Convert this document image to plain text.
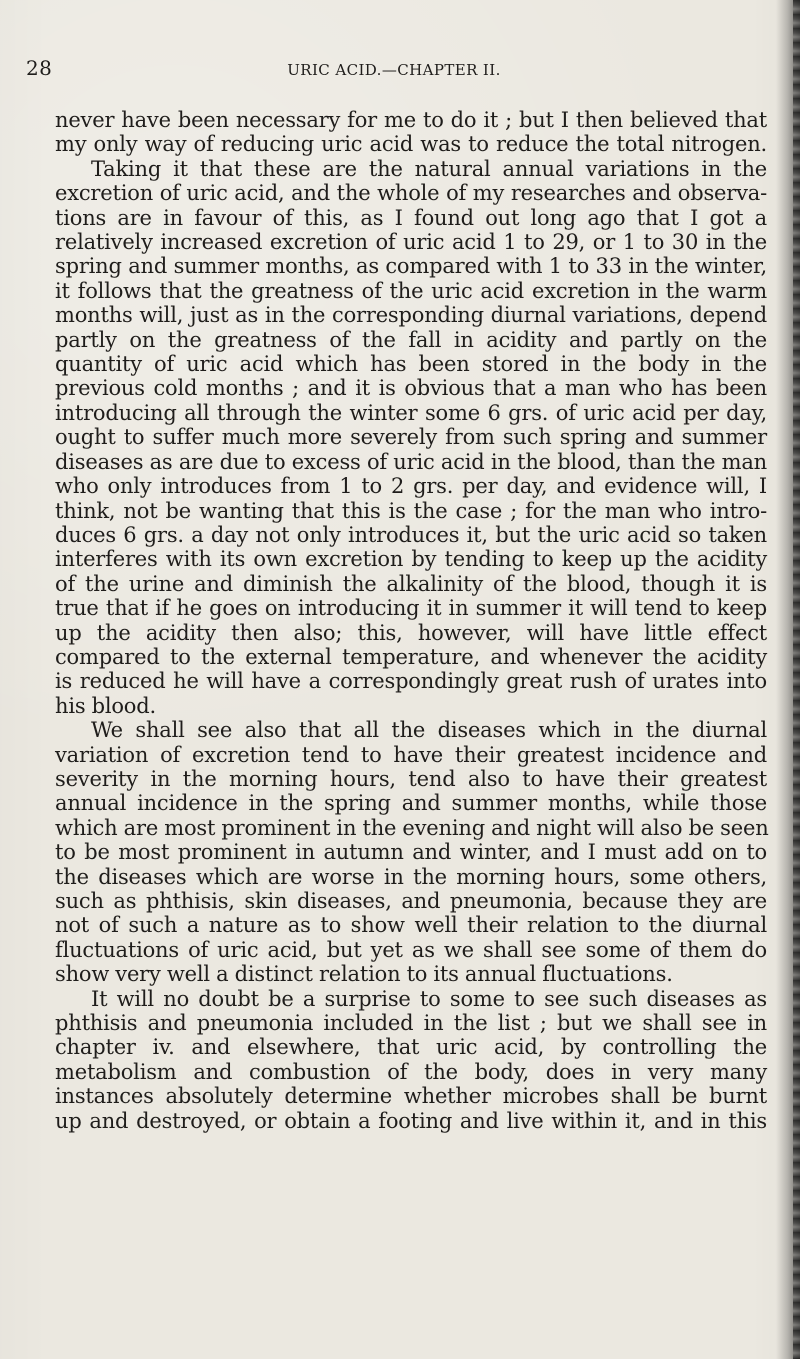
28	URIC ACID.—CHAPTER II.
never have been necessary for me to do it ; but I then believed that
my only way of reducing uric acid was to reduce the total nitrogen.
Taking it that these are the natural annual variations in the
excretion of uric acid, and the whole of my researches and observa-
tions are in favour of this, as I found out long ago that I got a
relatively increased excretion of uric acid 1 to 29, or 1 to 30 in the
spring and summer months, as compared with 1 to 33 in the winter,
it follows that the greatness of the uric acid excretion in the warm
months will, just as in the corresponding diurnal variations, depend
partly on the greatness of the fall in acidity and partly on the
quantity of uric acid which has been stored in the body in the
previous cold months ; and it is obvious that a man who has been
introducing all through the winter some 6 grs. of uric acid per day,
ought to suffer much more severely from such spring and summer
diseases as are due to excess of uric acid in the blood, than the man
who only introduces from 1 to 2 grs. per day, and evidence will, I
think, not be wanting that this is the case ; for the man who intro-
duces 6 grs. a day not only introduces it, but the uric acid so taken
interferes with its own excretion by tending to keep up the acidity
of the urine and diminish the alkalinity of the blood, though it is
true that if he goes on introducing it in summer it will tend to keep
up the acidity then also; this, however, will have little effect
compared to the external temperature, and whenever the acidity
is reduced he will have a correspondingly great rush of urates into
his blood.
We shall see also that all the diseases which in the diurnal
variation of excretion tend to have their greatest incidence and
severity in the morning hours, tend also to have their greatest
annual incidence in the spring and summer months, while those
which are most prominent in the evening and night will also be seen
to be most prominent in autumn and winter, and I must add on to
the diseases which are worse in the morning hours, some others,
such as phthisis, skin diseases, and pneumonia, because they are
not of such a nature as to show well their relation to the diurnal
fluctuations of uric acid, but yet as we shall see some of them do
show very well a distinct relation to its annual fluctuations.
It will no doubt be a surprise to some to see such diseases as
phthisis and pneumonia included in the list ; but we shall see in
chapter iv. and elsewhere, that uric acid, by controlling the
metabolism and combustion of the body, does in very many
instances absolutely determine whether microbes shall be burnt
up and destroyed, or obtain a footing and live within it, and in this
